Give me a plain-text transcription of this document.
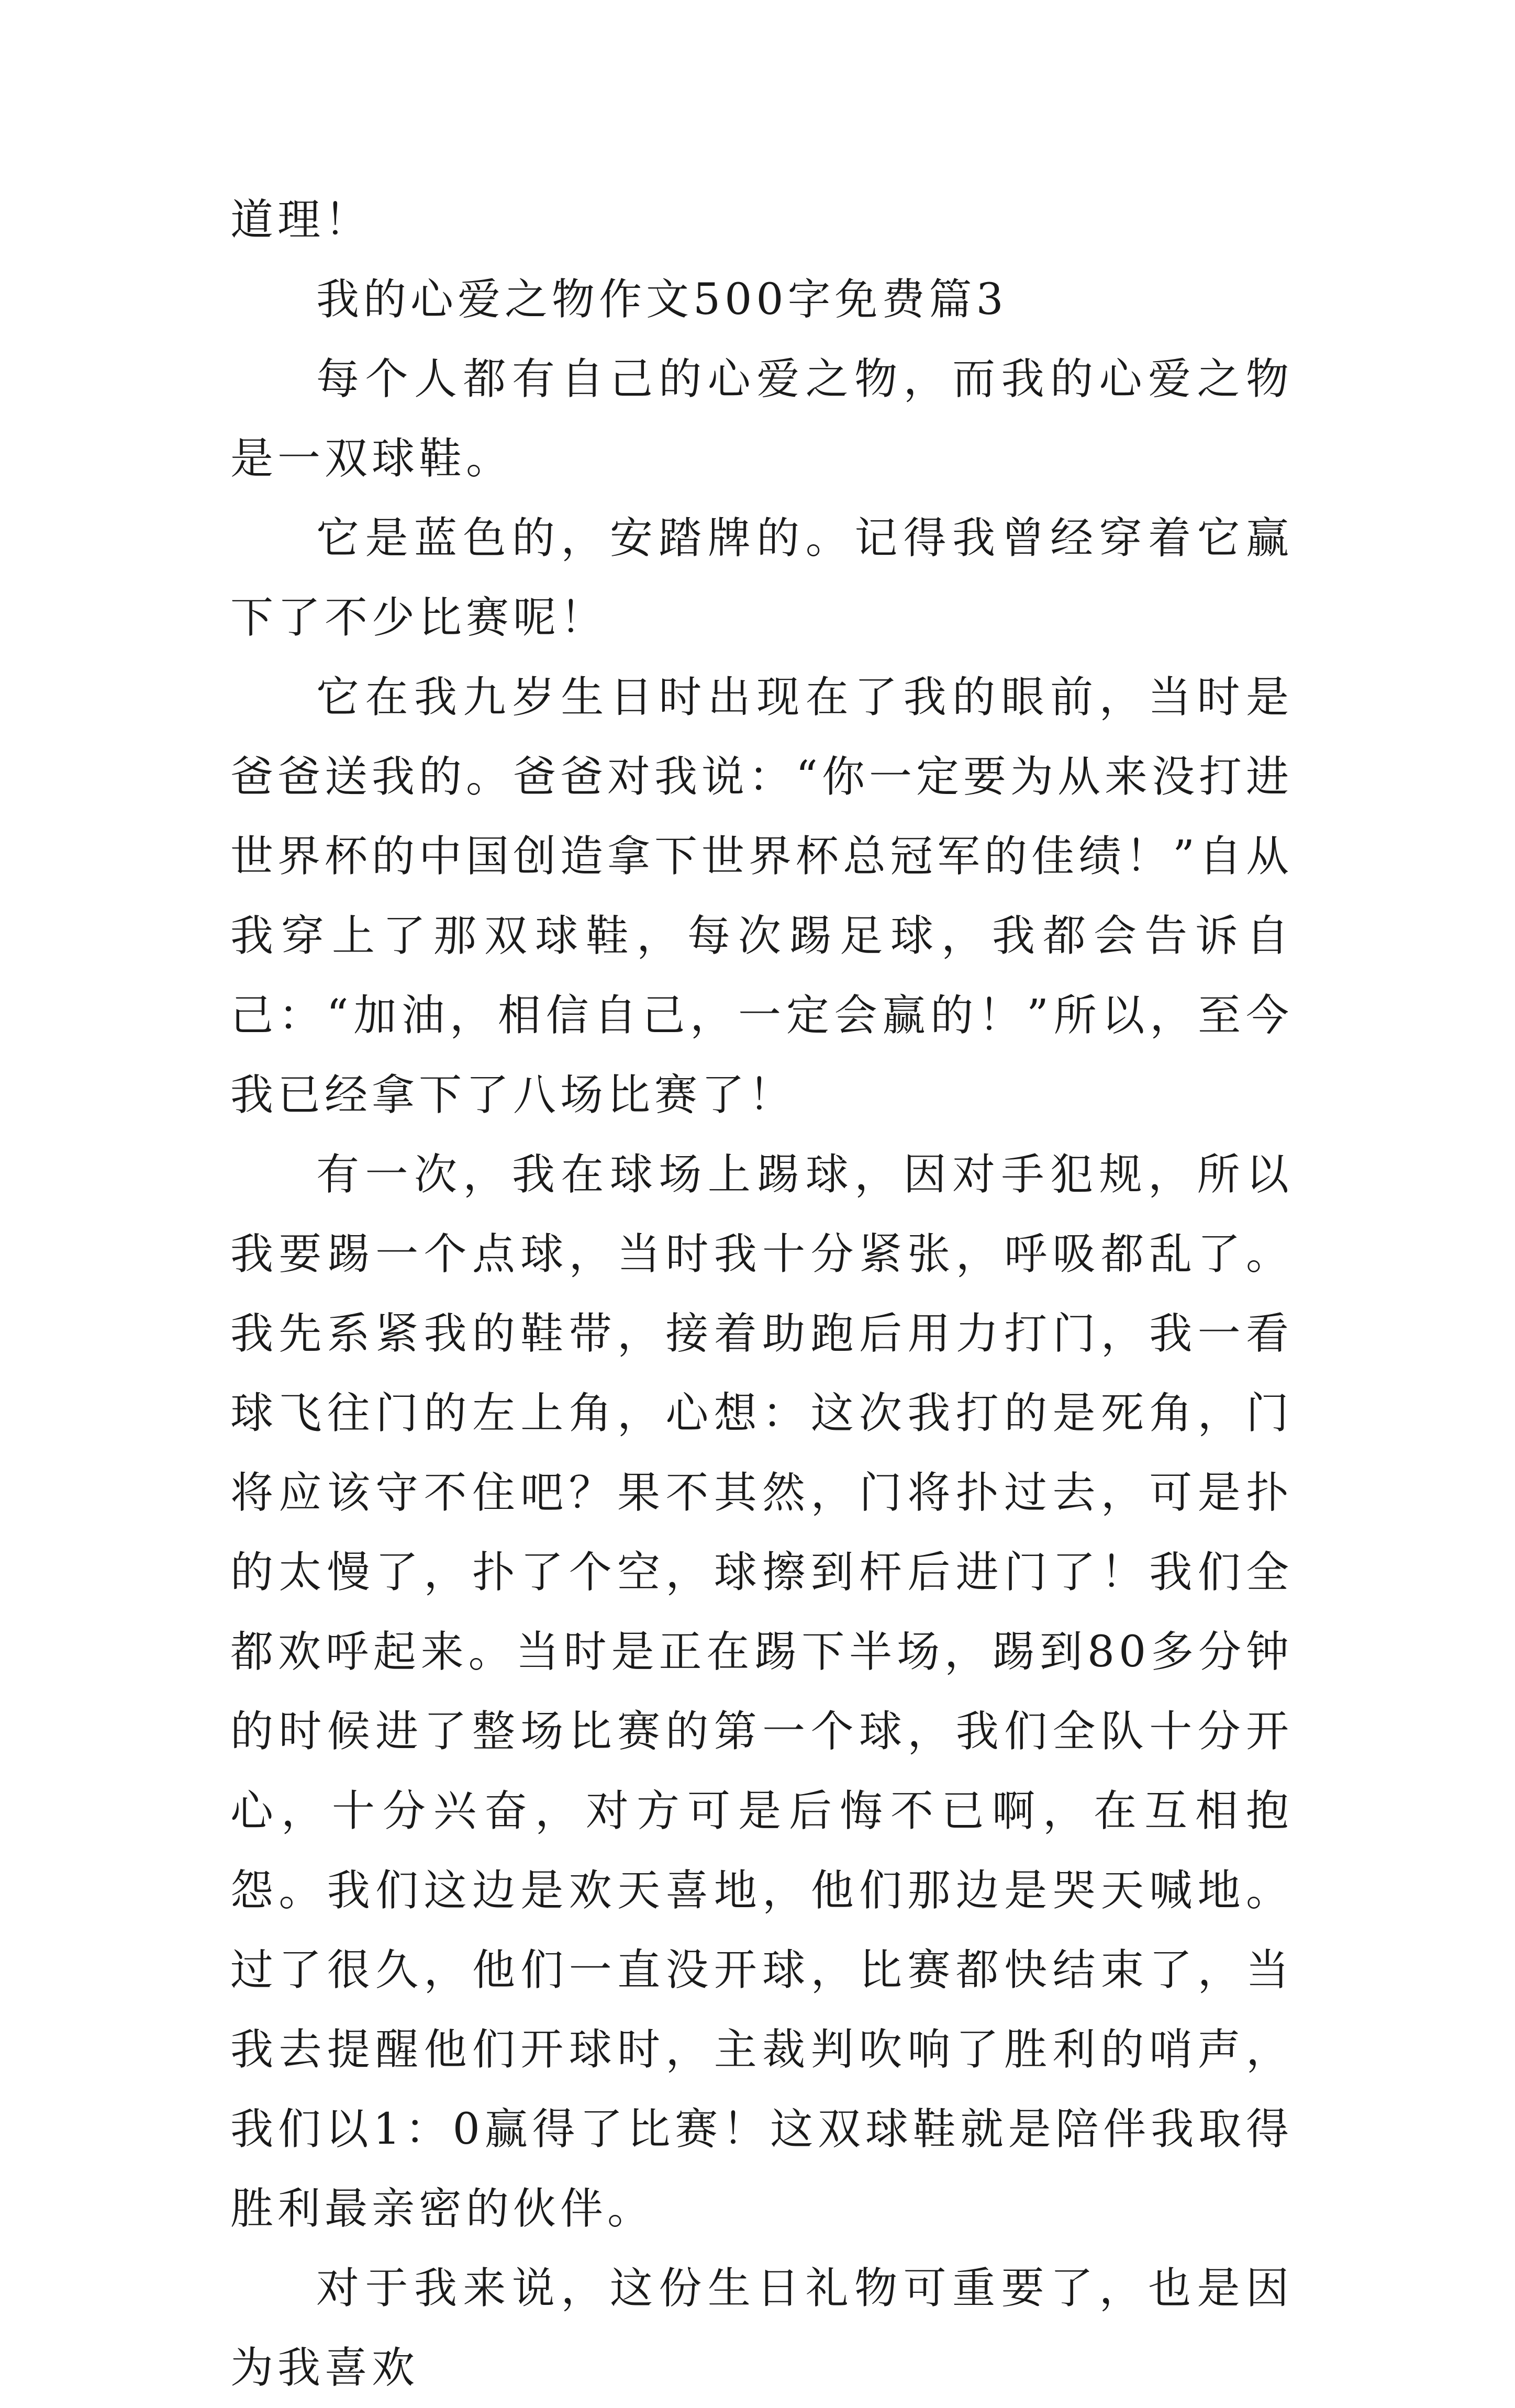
道理！

我的心爱之物作文500字免费篇3

每个人都有自己的心爱之物，而我的心爱之物是一双球鞋。

它是蓝色的，安踏牌的。记得我曾经穿着它赢下了不少比赛呢！

它在我九岁生日时出现在了我的眼前，当时是爸爸送我的。爸爸对我说：“你一定要为从来没打进世界杯的中国创造拿下世界杯总冠军的佳绩！”自从我穿上了那双球鞋，每次踢足球，我都会告诉自己：“加油，相信自己，一定会赢的！”所以，至今我已经拿下了八场比赛了！

有一次，我在球场上踢球，因对手犯规，所以我要踢一个点球，当时我十分紧张，呼吸都乱了。我先系紧我的鞋带，接着助跑后用力打门，我一看球飞往门的左上角，心想：这次我打的是死角，门将应该守不住吧？果不其然，门将扑过去，可是扑的太慢了，扑了个空，球擦到杆后进门了！我们全都欢呼起来。当时是正在踢下半场，踢到80多分钟的时候进了整场比赛的第一个球，我们全队十分开心，十分兴奋，对方可是后悔不已啊，在互相抱怨。我们这边是欢天喜地，他们那边是哭天喊地。过了很久，他们一直没开球，比赛都快结束了，当我去提醒他们开球时，主裁判吹响了胜利的哨声，我们以1：0赢得了比赛！这双球鞋就是陪伴我取得胜利最亲密的伙伴。

对于我来说，这份生日礼物可重要了，也是因为我喜欢
